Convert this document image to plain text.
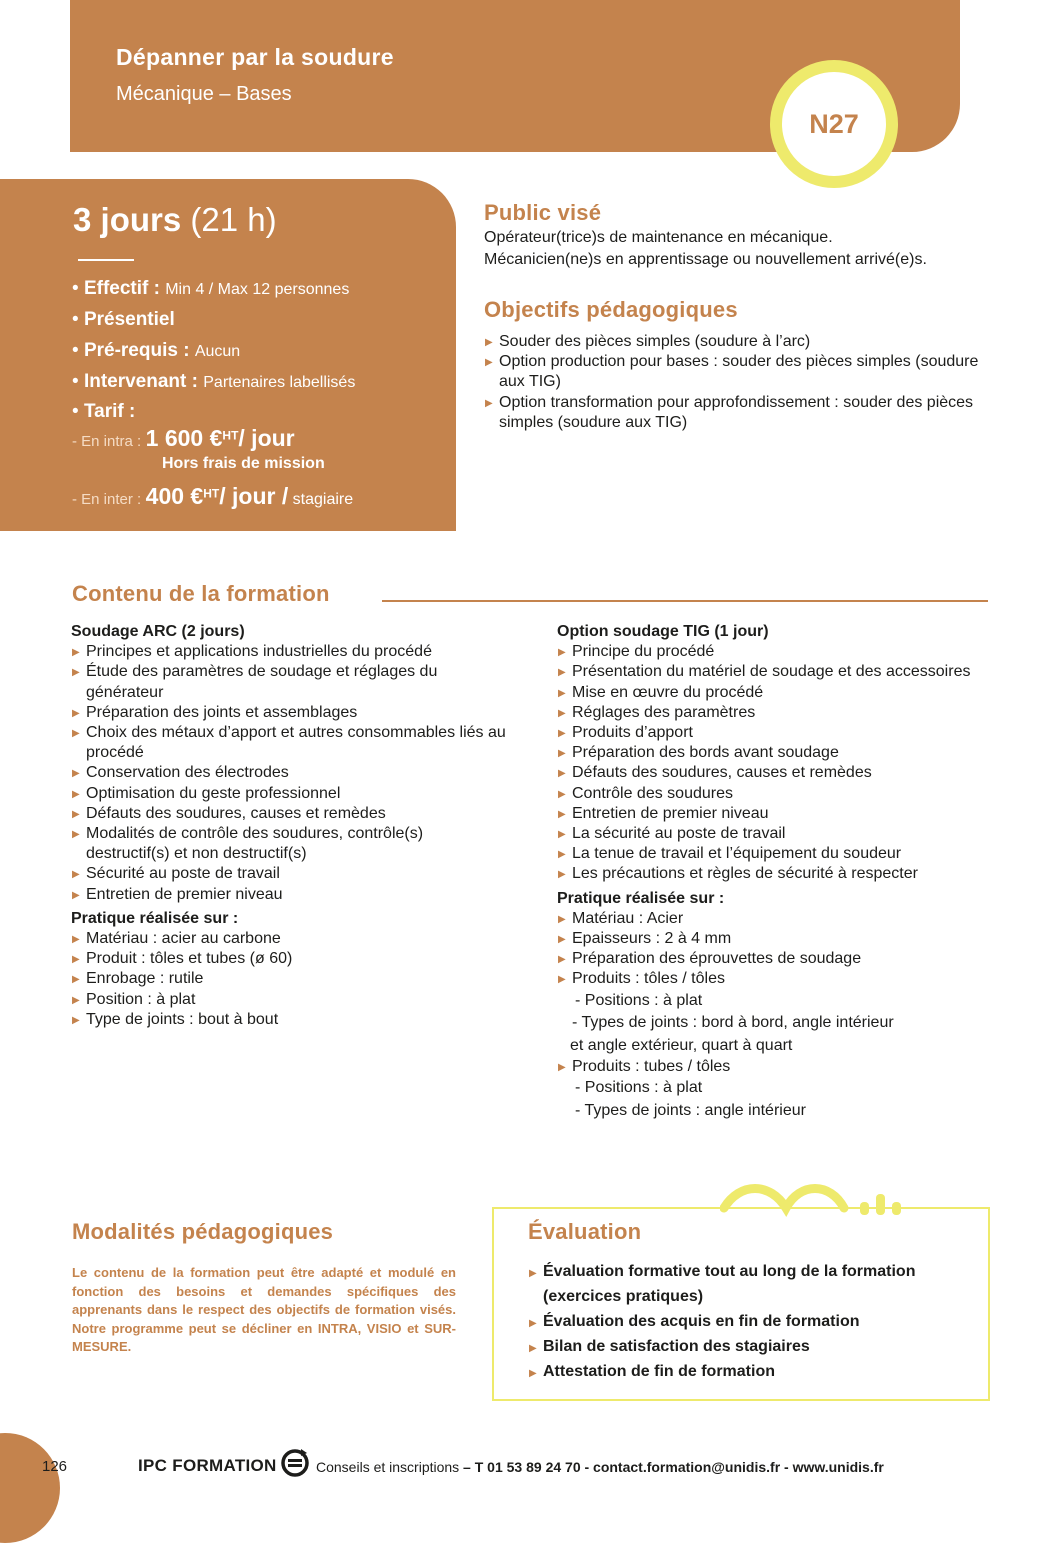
Dépanner par la soudure
Mécanique – Bases
N27
3 jours (21 h)
• Effectif : Min 4 / Max 12 personnes
• Présentiel
• Pré-requis : Aucun
• Intervenant : Partenaires labellisés
• Tarif :
- En intra : 1 600 €$^{HT}$/ jour
Hors frais de mission
- En inter : 400 €$^{HT}$/ jour / stagiaire
Public visé
Opérateur(trice)s de maintenance en mécanique.
Mécanicien(ne)s en apprentissage ou nouvellement arrivé(e)s.
Objectifs pédagogiques
▶ Souder des pièces simples (soudure à l’arc)
▶ Option production pour bases : souder des pièces simples (soudure aux TIG)
▶ Option transformation pour approfondissement : souder des pièces simples (soudure aux TIG)
Contenu de la formation
Soudage ARC (2 jours)
▶ Principes et applications industrielles du procédé
▶ Étude des paramètres de soudage et réglages du générateur
▶ Préparation des joints et assemblages
▶ Choix des métaux d’apport et autres consommables liés au procédé
▶ Conservation des électrodes
▶ Optimisation du geste professionnel
▶ Défauts des soudures, causes et remèdes
▶ Modalités de contrôle des soudures, contrôle(s) destructif(s) et non destructif(s)
▶ Sécurité au poste de travail
▶ Entretien de premier niveau
Pratique réalisée sur :
▶ Matériau : acier au carbone
▶ Produit : tôles et tubes (ø 60)
▶ Enrobage : rutile
▶ Position : à plat
▶ Type de joints : bout à bout
Option soudage TIG (1 jour)
▶ Principe du procédé
▶ Présentation du matériel de soudage et des accessoires
▶ Mise en œuvre du procédé
▶ Réglages des paramètres
▶ Produits d’apport
▶ Préparation des bords avant soudage
▶ Défauts des soudures, causes et remèdes
▶ Contrôle des soudures
▶ Entretien de premier niveau
▶ La sécurité au poste de travail
▶ La tenue de travail et l’équipement du soudeur
▶ Les précautions et règles de sécurité à respecter
Pratique réalisée sur :
▶ Matériau : Acier
▶ Epaisseurs : 2 à 4 mm
▶ Préparation des éprouvettes de soudage
▶ Produits : tôles / tôles
- Positions : à plat
- Types de joints : bord à bord, angle intérieur
et angle extérieur, quart à quart
▶ Produits : tubes / tôles
- Positions : à plat
- Types de joints : angle intérieur
Modalités pédagogiques
Le contenu de la formation peut être adapté et modulé en fonction des besoins et demandes spécifiques des apprenants dans le respect des objectifs de formation visés. Notre programme peut se décliner en INTRA, VISIO et SUR-MESURE.
Évaluation
▶ Évaluation formative tout au long de la formation (exercices pratiques)
▶ Évaluation des acquis en fin de formation
▶ Bilan de satisfaction des stagiaires
▶ Attestation de fin de formation
126	IPC FORMATION	Conseils et inscriptions – T 01 53 89 24 70 - contact.formation@unidis.fr - www.unidis.fr
